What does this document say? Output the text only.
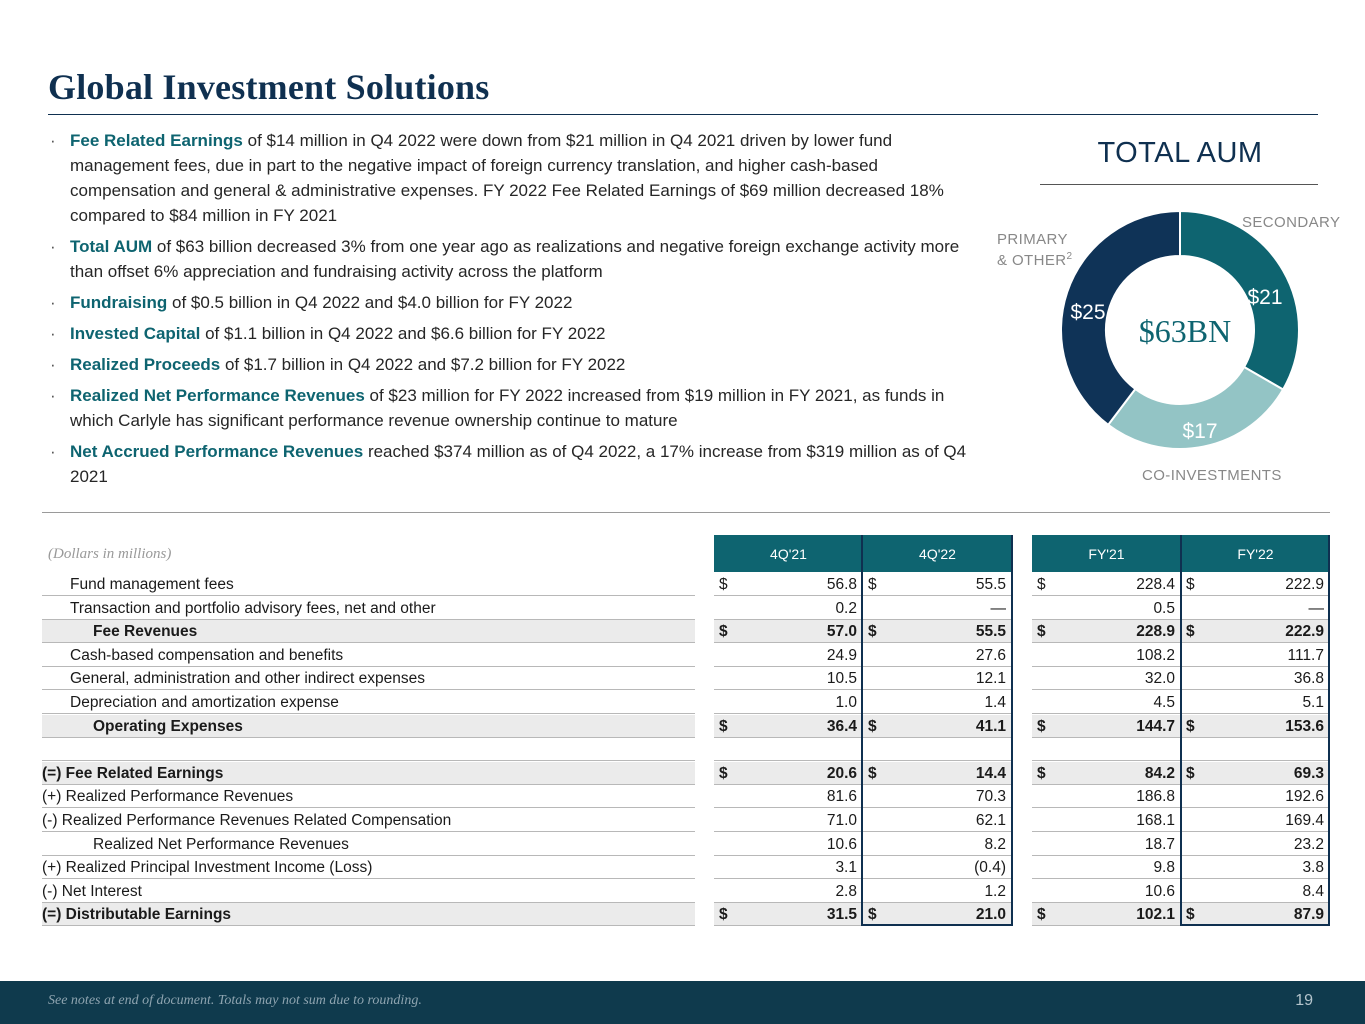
Global Investment Solutions
· Fee Related Earnings of $14 million in Q4 2022 were down from $21 million in Q4 2021 driven by lower fund management fees, due in part to the negative impact of foreign currency translation, and higher cash-based compensation and general & administrative expenses. FY 2022 Fee Related Earnings of $69 million decreased 18% compared to $84 million in FY 2021
· Total AUM of $63 billion decreased 3% from one year ago as realizations and negative foreign exchange activity more than offset 6% appreciation and fundraising activity across the platform
· Fundraising of $0.5 billion in Q4 2022 and $4.0 billion for FY 2022
· Invested Capital of $1.1 billion in Q4 2022 and $6.6 billion for FY 2022
· Realized Proceeds of $1.7 billion in Q4 2022 and $7.2 billion for FY 2022
· Realized Net Performance Revenues of $23 million for FY 2022 increased from $19 million in FY 2021, as funds in which Carlyle has significant performance revenue ownership continue to mature
· Net Accrued Performance Revenues reached $374 million as of Q4 2022, a 17% increase from $319 million as of Q4 2021
TOTAL AUM
SECONDARY
PRIMARY
& OTHER$^2$
CO-INVESTMENTS
$21
$17
$25
$63BN
(Dollars in millions)	4Q'21	4Q'22	FY'21	FY'22
Fund management fees	$	56.8 $	55.5 $	228.4 $	222.9
Transaction and portfolio advisory fees, net and other	0.2	—	0.5	—
Fee Revenues	$	57.0 $	55.5 $	228.9 $	222.9
Cash-based compensation and benefits	24.9	27.6	108.2	111.7
General, administration and other indirect expenses	10.5	12.1	32.0	36.8
Depreciation and amortization expense	1.0	1.4	4.5	5.1
Operating Expenses	$	36.4 $	41.1 $	144.7 $	153.6
(=) Fee Related Earnings	$	20.6 $	14.4 $	84.2 $	69.3
(+) Realized Performance Revenues	81.6	70.3	186.8	192.6
(-) Realized Performance Revenues Related Compensation	71.0	62.1	168.1	169.4
Realized Net Performance Revenues	10.6	8.2	18.7	23.2
(+) Realized Principal Investment Income (Loss)	3.1	(0.4)	9.8	3.8
(-) Net Interest	2.8	1.2	10.6	8.4
(=) Distributable Earnings	$	31.5 $	21.0 $	102.1 $	87.9
See notes at end of document. Totals may not sum due to rounding.	19
